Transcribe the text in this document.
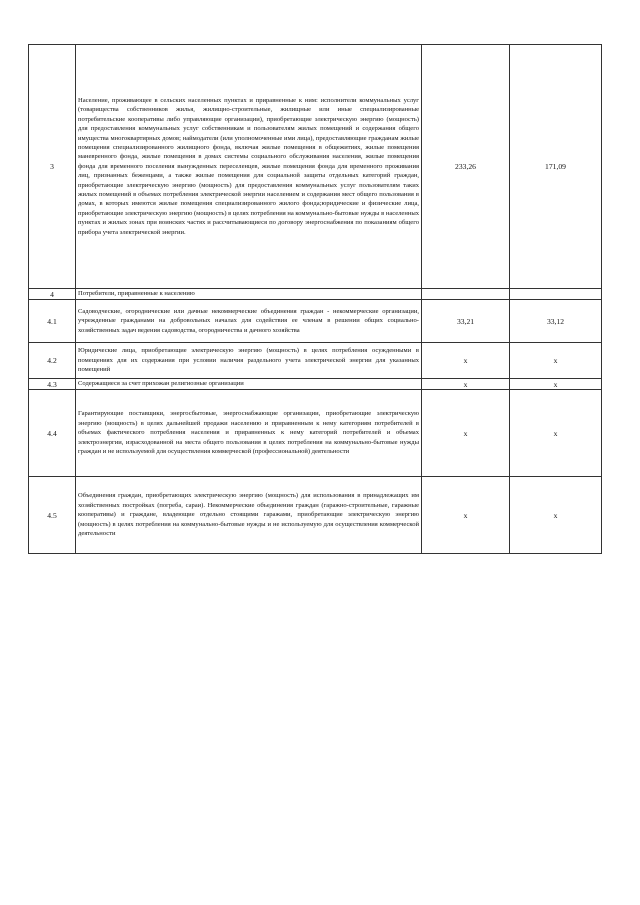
3	Население, проживающее в сельских населенных пунктах и приравненные к ним: исполнители коммунальных услуг (товарищества собственников жилья, жилищно-строительные, жилищные или иные специализированные потребительские кооперативы либо управляющие организации), приобретающие электрическую энергию (мощность) для предоставления коммунальных услуг собственникам и пользователям жилых помещений и содержания общего имущества многоквартирных домов; наймодатели (или уполномоченные ими лица), предоставляющие гражданам жилые помещения специализированного жилищного фонда, включая жилые помещения в общежитиях, жилые помещения маневренного фонда, жилые помещения в домах системы социального обслуживания населения, жилые помещения фонда для временного поселения вынужденных переселенцев, жилые помещения фонда для временного проживания лиц, признанных беженцами, а также жилые помещения для социальной защиты отдельных категорий граждан, приобретающие электрическую энергию (мощность) для предоставления коммунальных услуг пользователям таких жилых помещений в объемах потребления электрической энергии населением и содержания мест общего пользования в домах, в которых имеются жилые помещения специализированного жилого фонда;юридические и физические лица, приобретающие электрическую энергию (мощность) в целях потребления на коммунально-бытовые нужды в населенных пунктах и жилых зонах при воинских частях и рассчитывающиеся по договору энергоснабжения по показаниям общего прибора учета электрической энергии.	233,26	171,09
4	Потребители, приравненные к населению		
4.1	Садоводческие, огороднические или дачные некоммерческие объединения граждан - некоммерческие организации, учрежденные гражданами на добровольных началах для содействия ее членам в решении общих социально-хозяйственных задач ведения садоводства, огородничества и дачного хозяйства	33,21	33,12
4.2	Юридические лица, приобретающие электрическую энергию (мощность) в целях потребления осужденными в помещениях для их содержания при условии наличия раздельного учета электрической энергии для указанных помещений	x	x
4.3	Содержащиеся за счет прихожан религиозные организации	x	x
4.4	Гарантирующие поставщики, энергосбытовые, энергоснабжающие организации, приобретающие электрическую энергию (мощность) в целях дальнейшей продажи населению и приравненным к нему категориям потребителей в объемах фактического потребления населения и приравненных к нему категорий потребителей и объемах электроэнергии, израсходованной на места общего пользования в целях потребления на коммунально-бытовые нужды граждан и не используемой для осуществления коммерческой (профессиональной) деятельности	x	x
4.5	Объединения граждан, приобретающих электрическую энергию (мощность) для использования в принадлежащих им хозяйственных постройках (погреба, сараи). Некоммерческие объединения граждан (гаражно-строительные, гаражные кооперативы) и граждане, владеющие отдельно стоящими гаражами, приобретающие электрическую энергию (мощность) в целях потребления на коммунально-бытовые нужды и не используемую для осуществления коммерческой деятельности	x	x
